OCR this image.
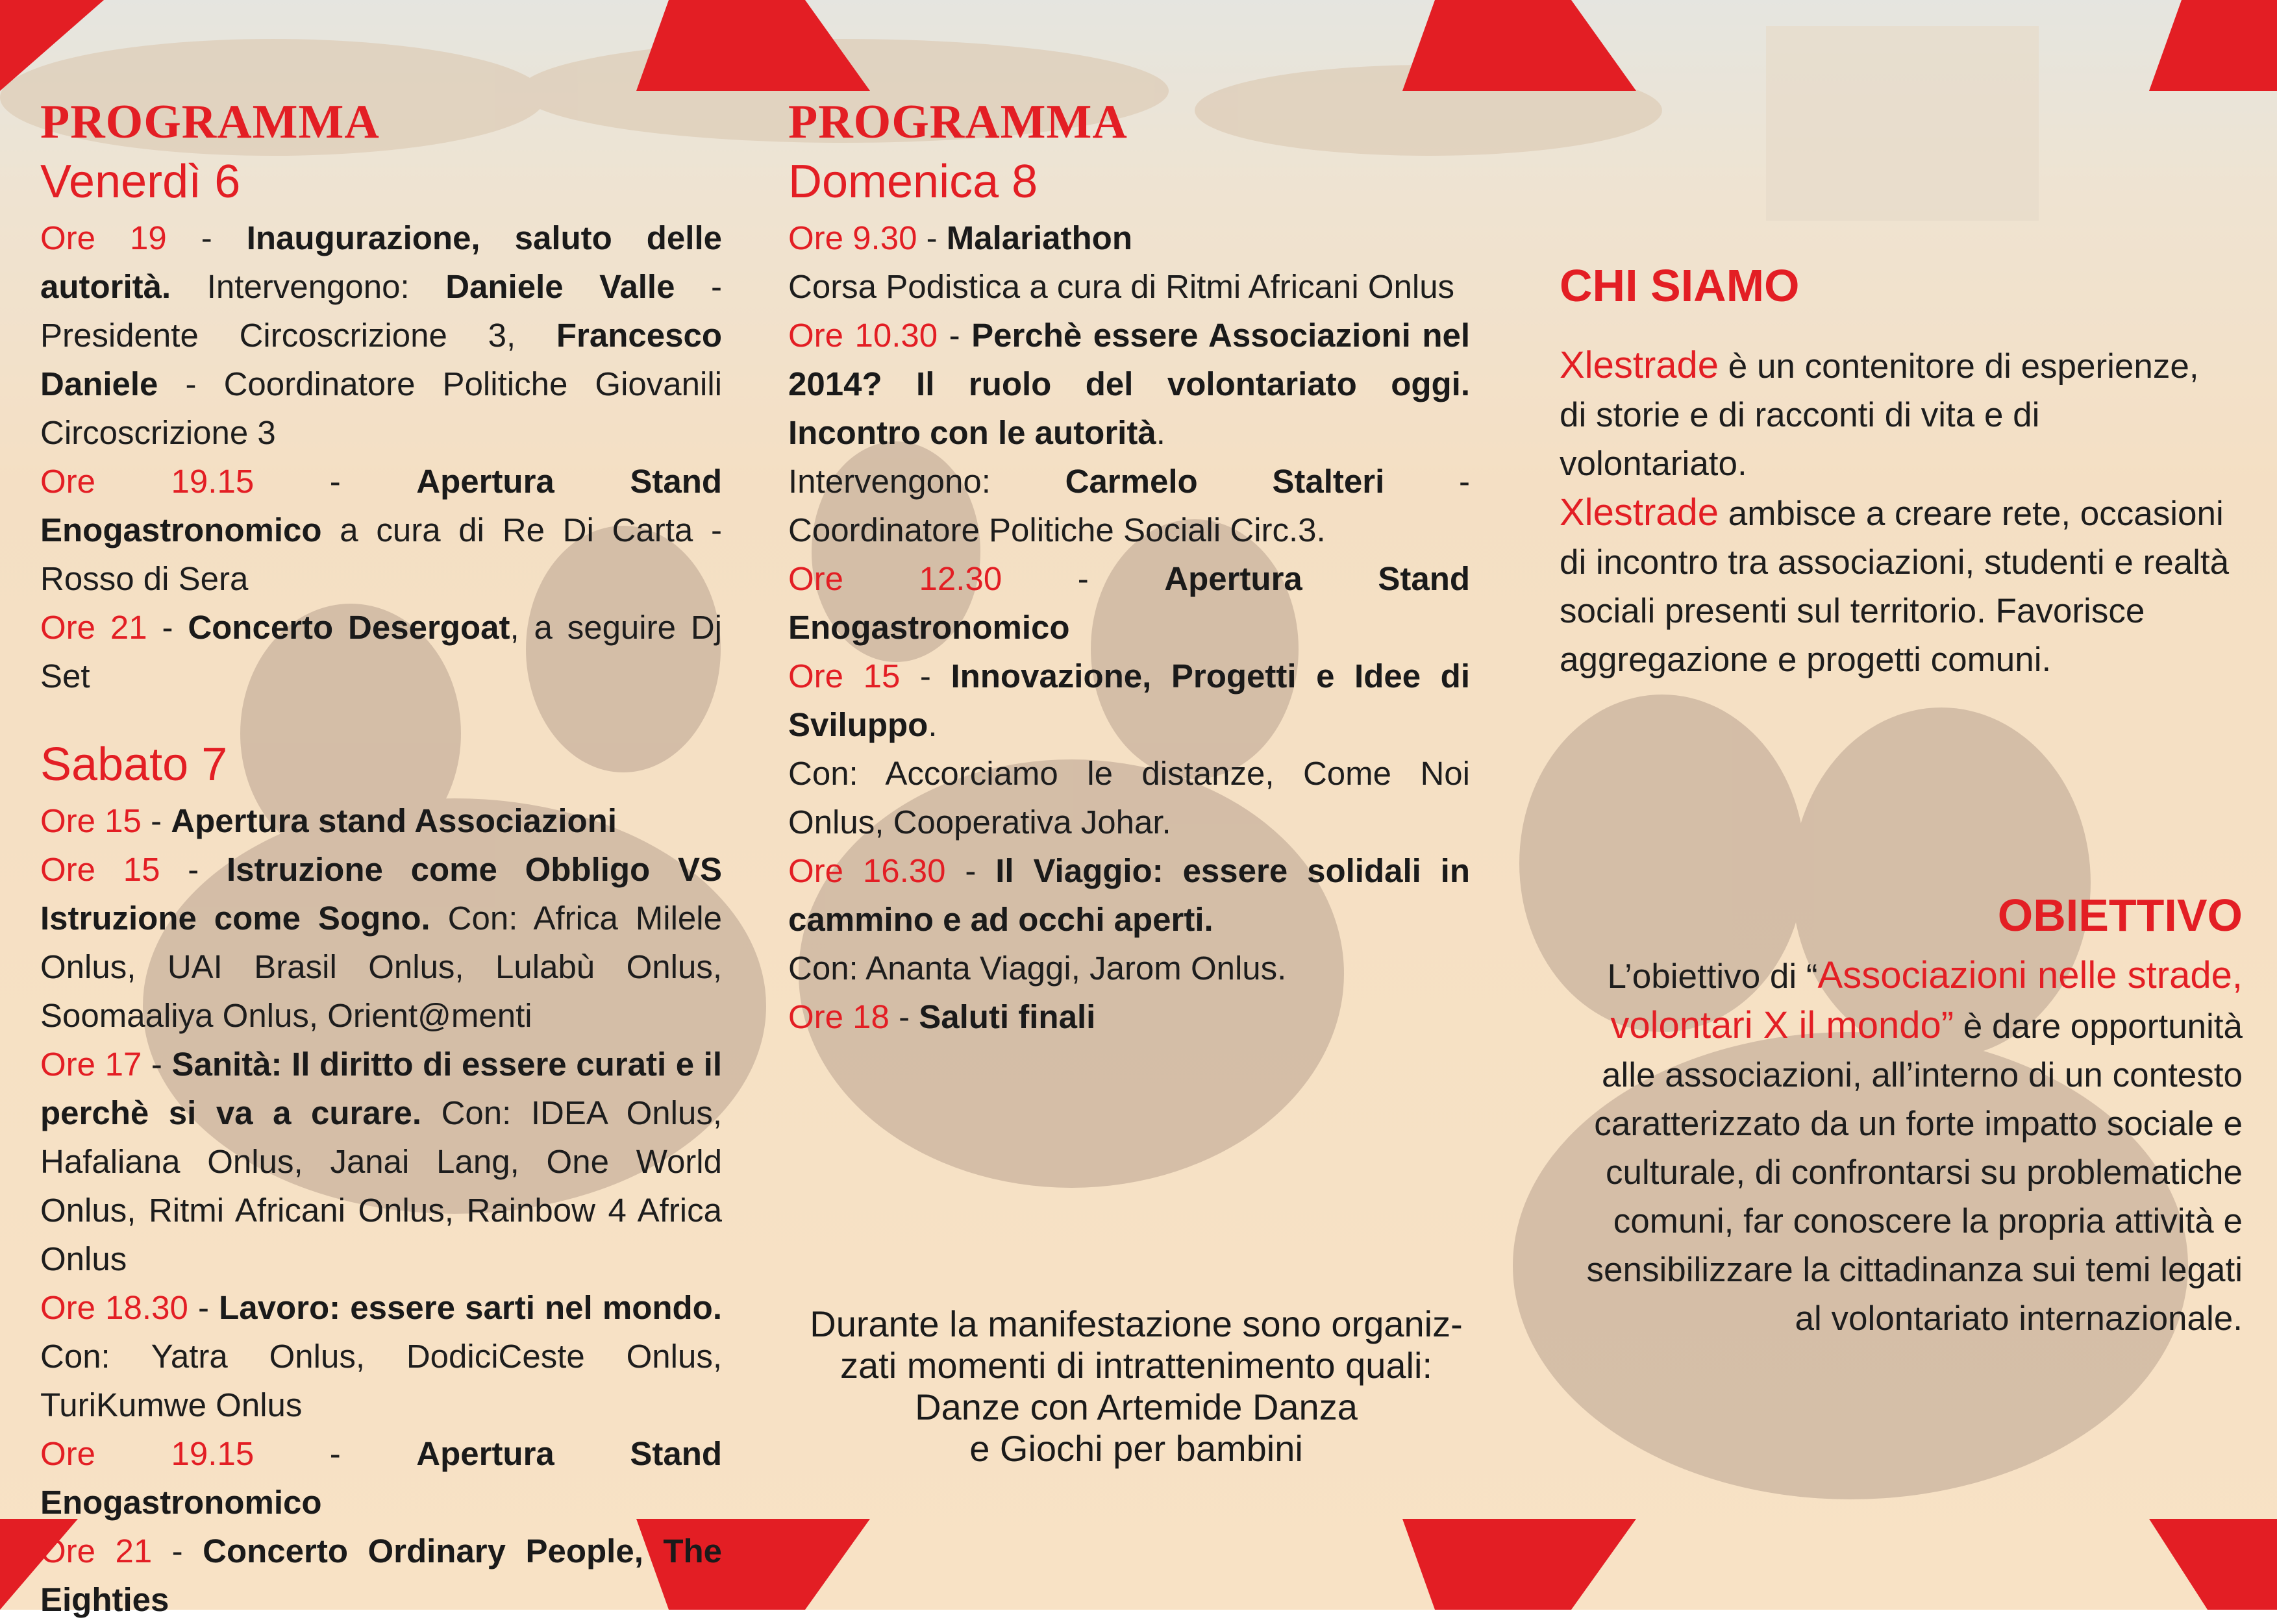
PROGRAMMA
Venerdì 6

Ore 19 - Inaugurazione, saluto delle autorità. Intervengono: Daniele Valle - Presidente Circoscrizione 3, Francesco Daniele - Coordinatore Politiche Giovanili Circoscrizione 3

Ore 19.15 - Apertura Stand Enogastronomico a cura di Re Di Carta - Rosso di Sera

Ore 21 - Concerto Desergoat, a seguire Dj Set

Sabato 7

Ore 15 - Apertura stand Associazioni

Ore 15 - Istruzione come Obbligo VS Istruzione come Sogno. Con: Africa Milele Onlus, UAI Brasil Onlus, Lulabù Onlus, Soomaaliya Onlus, Orient@menti

Ore 17 - Sanità: Il diritto di essere curati e il perchè si va a curare. Con: IDEA Onlus, Hafaliana Onlus, Janai Lang, One World Onlus, Ritmi Africani Onlus, Rainbow 4 Africa Onlus

Ore 18.30 - Lavoro: essere sarti nel mondo. Con: Yatra Onlus, DodiciCeste Onlus, TuriKumwe Onlus

Ore 19.15 - Apertura Stand Enogastronomico

Ore 21 - Concerto Ordinary People, The Eighties

PROGRAMMA
Domenica 8

Ore 9.30 - Malariathon

Corsa Podistica a cura di Ritmi Africani Onlus

Ore 10.30 - Perchè essere Associazioni nel 2014? Il ruolo del volontariato oggi. Incontro con le autorità.

Intervengono: Carmelo Stalteri - Coordinatore Politiche Sociali Circ.3.

Ore 12.30 - Apertura Stand Enogastronomico

Ore 15 - Innovazione, Progetti e Idee di Sviluppo.

Con: Accorciamo le distanze, Come Noi Onlus, Cooperativa Johar.

Ore 16.30 - Il Viaggio: essere solidali in cammino e ad occhi aperti.

Con: Ananta Viaggi, Jarom Onlus.

Ore 18 - Saluti finali

Durante la manifestazione sono organiz-
zati momenti di intrattenimento quali:
Danze con Artemide Danza
e Giochi per bambini
CHI SIAMO

Xlestrade è un contenitore di esperienze, di storie e di racconti di vita e di volontariato.

Xlestrade ambisce a creare rete, occasioni di incontro tra associazioni, studenti e realtà sociali presenti sul territorio. Favorisce aggregazione e progetti comuni.

OBIETTIVO

L’obiettivo di “Associazioni nelle strade, volontari X il mondo” è dare opportunità alle associazioni, all’interno di un contesto caratterizzato da un forte impatto sociale e culturale, di confrontarsi su problematiche comuni, far conoscere la propria attività e sensibilizzare la cittadinanza sui temi legati al volontariato internazionale.
